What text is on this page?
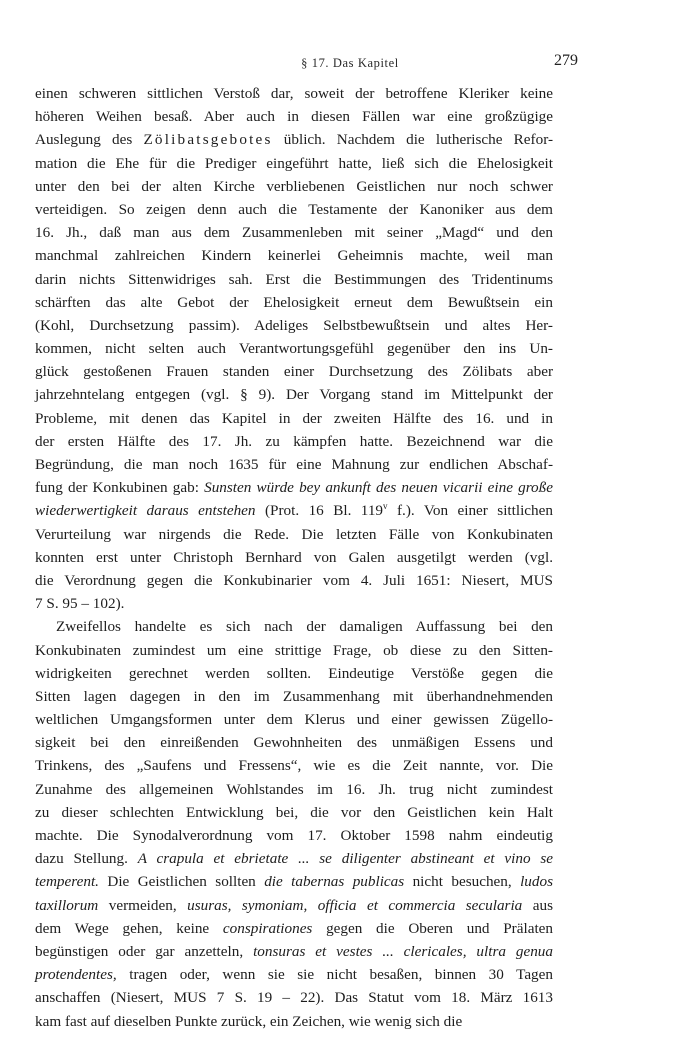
§ 17. Das Kapitel	279
einen schweren sittlichen Verstoß dar, soweit der betroffene Kleriker keine
höheren Weihen besaß. Aber auch in diesen Fällen war eine großzügige
Auslegung des Zölibatsgebotes üblich. Nachdem die lutherische Refor-
mation die Ehe für die Prediger eingeführt hatte, ließ sich die Ehelosigkeit
unter den bei der alten Kirche verbliebenen Geistlichen nur noch schwer
verteidigen. So zeigen denn auch die Testamente der Kanoniker aus dem
16. Jh., daß man aus dem Zusammenleben mit seiner „Magd“ und den
manchmal zahlreichen Kindern keinerlei Geheimnis machte, weil man
darin nichts Sittenwidriges sah. Erst die Bestimmungen des Tridentinums
schärften das alte Gebot der Ehelosigkeit erneut dem Bewußtsein ein
(Kohl, Durchsetzung passim). Adeliges Selbstbewußtsein und altes Her-
kommen, nicht selten auch Verantwortungsgefühl gegenüber den ins Un-
glück gestoßenen Frauen standen einer Durchsetzung des Zölibats aber
jahrzehntelang entgegen (vgl. § 9). Der Vorgang stand im Mittelpunkt der
Probleme, mit denen das Kapitel in der zweiten Hälfte des 16. und in
der ersten Hälfte des 17. Jh. zu kämpfen hatte. Bezeichnend war die
Begründung, die man noch 1635 für eine Mahnung zur endlichen Abschaf-
fung der Konkubinen gab: Sunsten würde bey ankunft des neuen vicarii eine große
wiederwertigkeit daraus entstehen (Prot. 16 Bl. 119$^v$ f.). Von einer sittlichen
Verurteilung war nirgends die Rede. Die letzten Fälle von Konkubinaten
konnten erst unter Christoph Bernhard von Galen ausgetilgt werden (vgl.
die Verordnung gegen die Konkubinarier vom 4. Juli 1651: Niesert, MUS
7 S. 95 – 102).
Zweifellos handelte es sich nach der damaligen Auffassung bei den
Konkubinaten zumindest um eine strittige Frage, ob diese zu den Sitten-
widrigkeiten gerechnet werden sollten. Eindeutige Verstöße gegen die
Sitten lagen dagegen in den im Zusammenhang mit überhandnehmenden
weltlichen Umgangsformen unter dem Klerus und einer gewissen Zügello-
sigkeit bei den einreißenden Gewohnheiten des unmäßigen Essens und
Trinkens, des „Saufens und Fressens“, wie es die Zeit nannte, vor. Die
Zunahme des allgemeinen Wohlstandes im 16. Jh. trug nicht zumindest
zu dieser schlechten Entwicklung bei, die vor den Geistlichen kein Halt
machte. Die Synodalverordnung vom 17. Oktober 1598 nahm eindeutig
dazu Stellung. A crapula et ebrietate ... se diligenter abstineant et vino se
temperent. Die Geistlichen sollten die tabernas publicas nicht besuchen, ludos
taxillorum vermeiden, usuras, symoniam, officia et commercia secularia aus
dem Wege gehen, keine conspirationes gegen die Oberen und Prälaten
begünstigen oder gar anzetteln, tonsuras et vestes ... clericales, ultra genua
protendentes, tragen oder, wenn sie sie nicht besaßen, binnen 30 Tagen
anschaffen (Niesert, MUS 7 S. 19 – 22). Das Statut vom 18. März 1613
kam fast auf dieselben Punkte zurück, ein Zeichen, wie wenig sich die
